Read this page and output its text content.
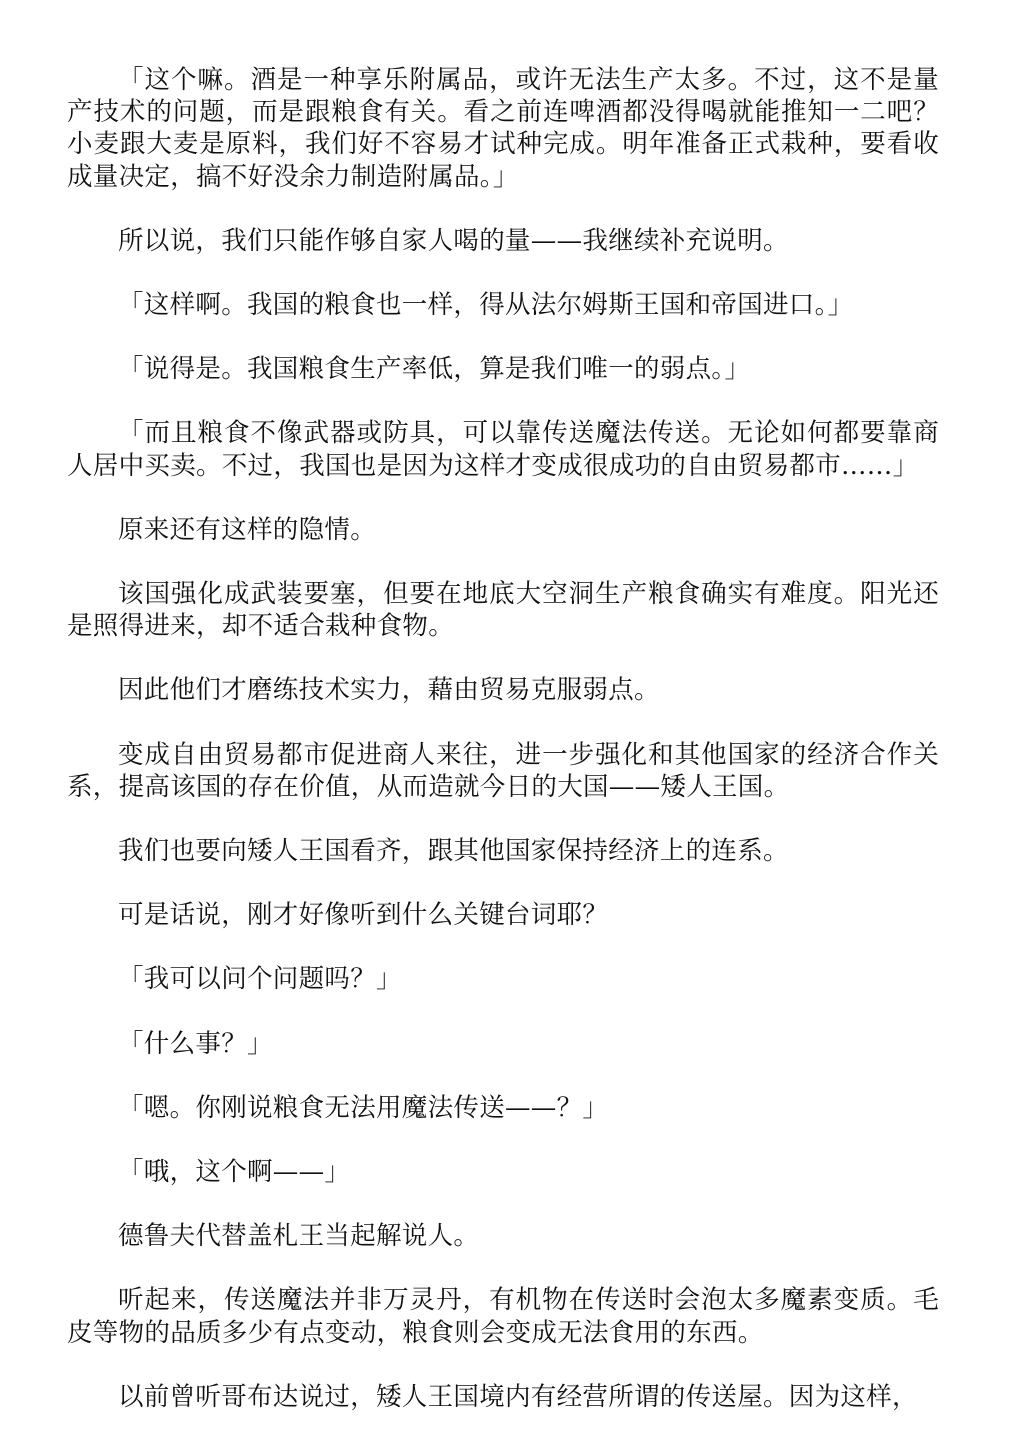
「这个嘛。酒是一种享乐附属品，或许无法生产太多。不过，这不是量产技术的问题，而是跟粮食有关。看之前连啤酒都没得喝就能推知一二吧？小麦跟大麦是原料，我们好不容易才试种完成。明年准备正式栽种，要看收成量决定，搞不好没余力制造附属品。」

所以说，我们只能作够自家人喝的量——我继续补充说明。

「这样啊。我国的粮食也一样，得从法尔姆斯王国和帝国进口。」

「说得是。我国粮食生产率低，算是我们唯一的弱点。」

「而且粮食不像武器或防具，可以靠传送魔法传送。无论如何都要靠商人居中买卖。不过，我国也是因为这样才变成很成功的自由贸易都市……」

原来还有这样的隐情。

该国强化成武装要塞，但要在地底大空洞生产粮食确实有难度。阳光还是照得进来，却不适合栽种食物。

因此他们才磨练技术实力，藉由贸易克服弱点。

变成自由贸易都市促进商人来往，进一步强化和其他国家的经济合作关系，提高该国的存在价值，从而造就今日的大国——矮人王国。

我们也要向矮人王国看齐，跟其他国家保持经济上的连系。

可是话说，刚才好像听到什么关键台词耶？

「我可以问个问题吗？」

「什么事？」

「嗯。你刚说粮食无法用魔法传送——？」

「哦，这个啊——」

德鲁夫代替盖札王当起解说人。

听起来，传送魔法并非万灵丹，有机物在传送时会泡太多魔素变质。毛皮等物的品质多少有点变动，粮食则会变成无法食用的东西。

以前曾听哥布达说过，矮人王国境内有经营所谓的传送屋。因为这样，
